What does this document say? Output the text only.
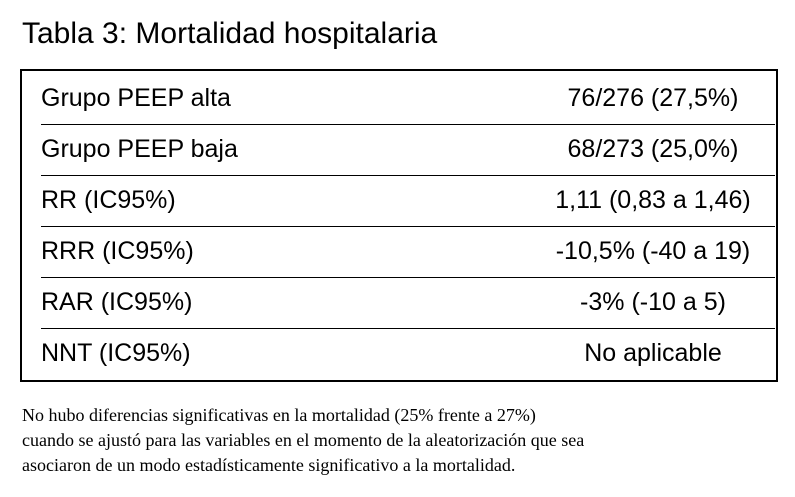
Tabla 3: Mortalidad hospitalaria
Grupo PEEP alta	76/276 (27,5%)
Grupo PEEP baja	68/273 (25,0%)
RR (IC95%)	1,11 (0,83 a 1,46)
RRR (IC95%)	-10,5% (-40 a 19)
RAR (IC95%)	-3% (-10 a 5)
NNT (IC95%)	No aplicable

No hubo diferencias significativas en la mortalidad (25% frente a 27%)

cuando se ajustó para las variables en el momento de la aleatorización que sea

asociaron de un modo estadísticamente significativo a la mortalidad.
